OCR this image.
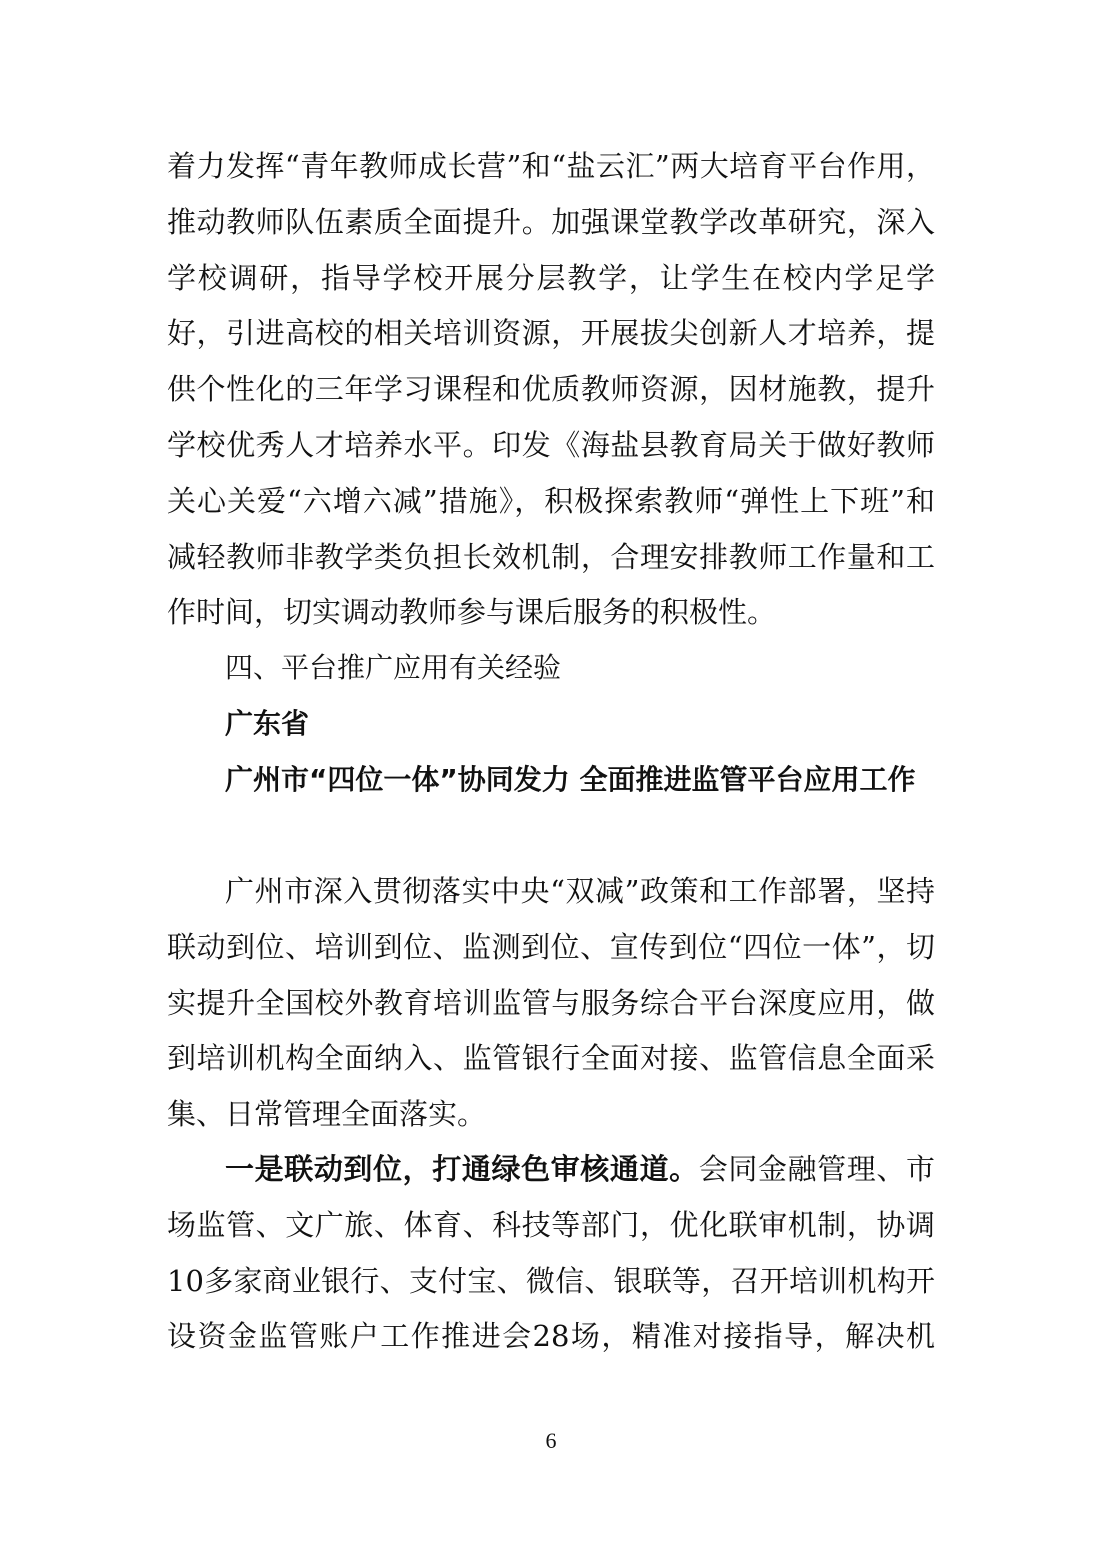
着力发挥“青年教师成长营”和“盐云汇”两大培育平台作用，推动教师队伍素质全面提升。加强课堂教学改革研究，深入学校调研，指导学校开展分层教学，让学生在校内学足学好，引进高校的相关培训资源，开展拔尖创新人才培养，提供个性化的三年学习课程和优质教师资源，因材施教，提升学校优秀人才培养水平。印发《海盐县教育局关于做好教师关心关爱“六增六减”措施》，积极探索教师“弹性上下班”和减轻教师非教学类负担长效机制，合理安排教师工作量和工作时间，切实调动教师参与课后服务的积极性。

四、平台推广应用有关经验

广东省

广州市“四位一体”协同发力 全面推进监管平台应用工作

广州市深入贯彻落实中央“双减”政策和工作部署，坚持联动到位、培训到位、监测到位、宣传到位“四位一体”，切实提升全国校外教育培训监管与服务综合平台深度应用，做到培训机构全面纳入、监管银行全面对接、监管信息全面采集、日常管理全面落实。

一是联动到位，打通绿色审核通道。会同金融管理、市场监管、文广旅、体育、科技等部门，优化联审机制，协调10多家商业银行、支付宝、微信、银联等，召开培训机构开设资金监管账户工作推进会28场，精准对接指导，解决机

6
